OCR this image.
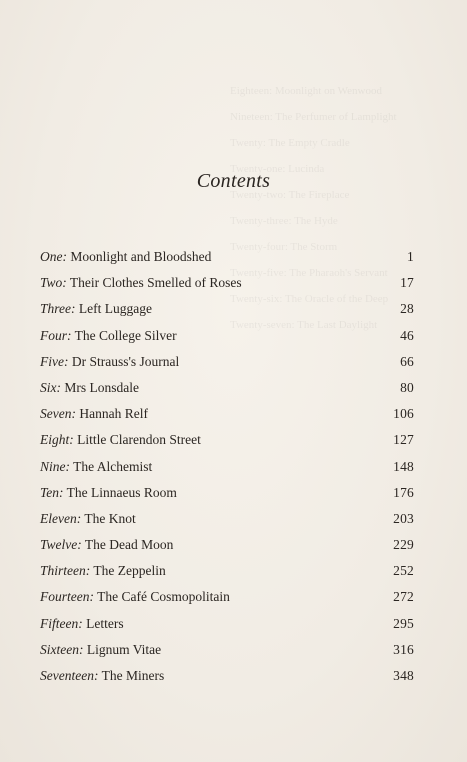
Eighteen: Moonlight on Wenwood
Nineteen: The Perfumer of Lamplight
Twenty: The Empty Cradle
Twenty-one: Lucinda
Twenty-two: The Fireplace
Twenty-three: The Hyde
Twenty-four: The Storm
Twenty-five: The Pharaoh's Servant
Twenty-six: The Oracle of the Deep
Twenty-seven: The Last Daylight
Contents
One: Moonlight and Bloodshed	1
Two: Their Clothes Smelled of Roses	17
Three: Left Luggage	28
Four: The College Silver	46
Five: Dr Strauss's Journal	66
Six: Mrs Lonsdale	80
Seven: Hannah Relf	106
Eight: Little Clarendon Street	127
Nine: The Alchemist	148
Ten: The Linnaeus Room	176
Eleven: The Knot	203
Twelve: The Dead Moon	229
Thirteen: The Zeppelin	252
Fourteen: The Café Cosmopolitain	272
Fifteen: Letters	295
Sixteen: Lignum Vitae	316
Seventeen: The Miners	348
